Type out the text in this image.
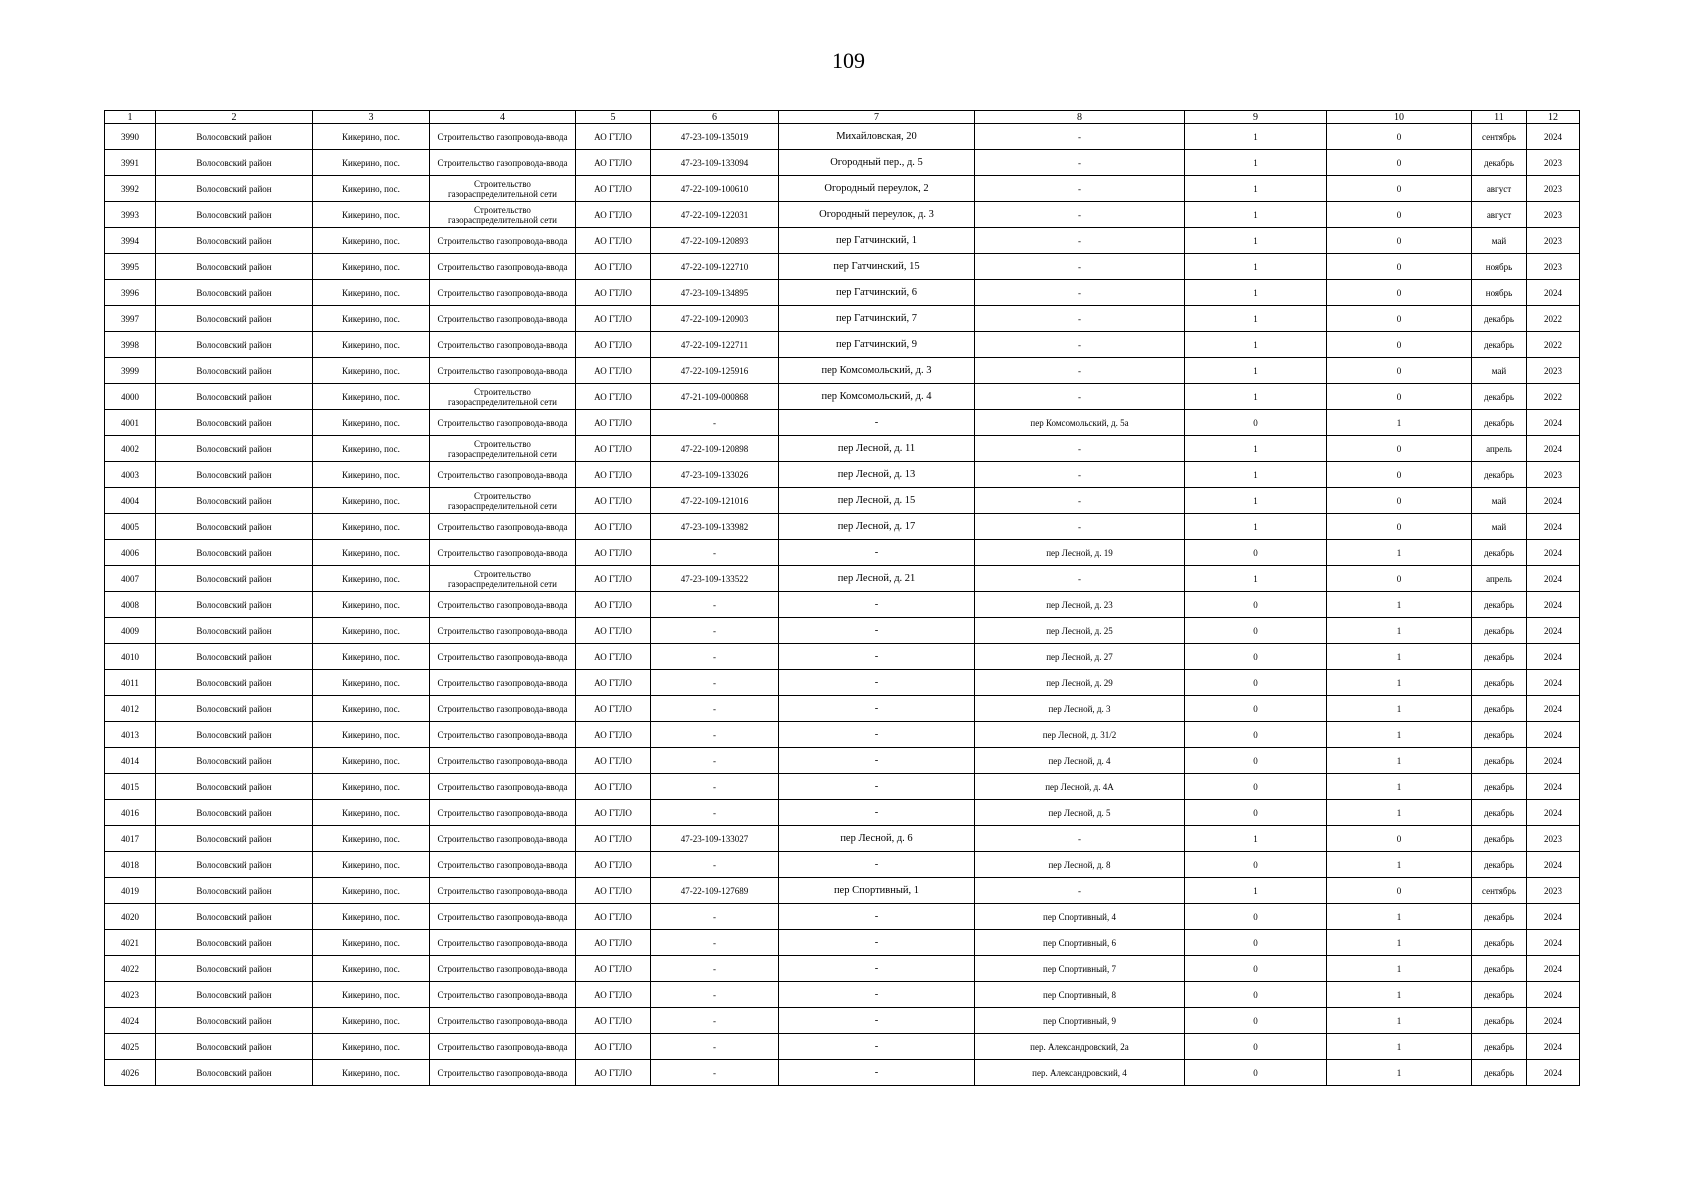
109
1	2	3	4	5	6	7	8	9	10	11	12
3990	Волосовский район	Кикерино, пос.	Строительство газопровода-ввода	АО ГТЛО	47-23-109-135019	Михайловская, 20	-	1	0	сентябрь	2024
3991	Волосовский район	Кикерино, пос.	Строительство газопровода-ввода	АО ГТЛО	47-23-109-133094	Огородный пер., д. 5	-	1	0	декабрь	2023
3992	Волосовский район	Кикерино, пос.	Строительство газораспределительной сети	АО ГТЛО	47-22-109-100610	Огородный переулок, 2	-	1	0	август	2023
3993	Волосовский район	Кикерино, пос.	Строительство газораспределительной сети	АО ГТЛО	47-22-109-122031	Огородный переулок, д. 3	-	1	0	август	2023
3994	Волосовский район	Кикерино, пос.	Строительство газопровода-ввода	АО ГТЛО	47-22-109-120893	пер Гатчинский, 1	-	1	0	май	2023
3995	Волосовский район	Кикерино, пос.	Строительство газопровода-ввода	АО ГТЛО	47-22-109-122710	пер Гатчинский, 15	-	1	0	ноябрь	2023
3996	Волосовский район	Кикерино, пос.	Строительство газопровода-ввода	АО ГТЛО	47-23-109-134895	пер Гатчинский, 6	-	1	0	ноябрь	2024
3997	Волосовский район	Кикерино, пос.	Строительство газопровода-ввода	АО ГТЛО	47-22-109-120903	пер Гатчинский, 7	-	1	0	декабрь	2022
3998	Волосовский район	Кикерино, пос.	Строительство газопровода-ввода	АО ГТЛО	47-22-109-122711	пер Гатчинский, 9	-	1	0	декабрь	2022
3999	Волосовский район	Кикерино, пос.	Строительство газопровода-ввода	АО ГТЛО	47-22-109-125916	пер Комсомольский, д. 3	-	1	0	май	2023
4000	Волосовский район	Кикерино, пос.	Строительство газораспределительной сети	АО ГТЛО	47-21-109-000868	пер Комсомольский, д. 4	-	1	0	декабрь	2022
4001	Волосовский район	Кикерино, пос.	Строительство газопровода-ввода	АО ГТЛО	-	-	пер Комсомольский, д. 5а	0	1	декабрь	2024
4002	Волосовский район	Кикерино, пос.	Строительство газораспределительной сети	АО ГТЛО	47-22-109-120898	пер Лесной, д. 11	-	1	0	апрель	2024
4003	Волосовский район	Кикерино, пос.	Строительство газопровода-ввода	АО ГТЛО	47-23-109-133026	пер Лесной, д. 13	-	1	0	декабрь	2023
4004	Волосовский район	Кикерино, пос.	Строительство газораспределительной сети	АО ГТЛО	47-22-109-121016	пер Лесной, д. 15	-	1	0	май	2024
4005	Волосовский район	Кикерино, пос.	Строительство газопровода-ввода	АО ГТЛО	47-23-109-133982	пер Лесной, д. 17	-	1	0	май	2024
4006	Волосовский район	Кикерино, пос.	Строительство газопровода-ввода	АО ГТЛО	-	-	пер Лесной, д. 19	0	1	декабрь	2024
4007	Волосовский район	Кикерино, пос.	Строительство газораспределительной сети	АО ГТЛО	47-23-109-133522	пер Лесной, д. 21	-	1	0	апрель	2024
4008	Волосовский район	Кикерино, пос.	Строительство газопровода-ввода	АО ГТЛО	-	-	пер Лесной, д. 23	0	1	декабрь	2024
4009	Волосовский район	Кикерино, пос.	Строительство газопровода-ввода	АО ГТЛО	-	-	пер Лесной, д. 25	0	1	декабрь	2024
4010	Волосовский район	Кикерино, пос.	Строительство газопровода-ввода	АО ГТЛО	-	-	пер Лесной, д. 27	0	1	декабрь	2024
4011	Волосовский район	Кикерино, пос.	Строительство газопровода-ввода	АО ГТЛО	-	-	пер Лесной, д. 29	0	1	декабрь	2024
4012	Волосовский район	Кикерино, пос.	Строительство газопровода-ввода	АО ГТЛО	-	-	пер Лесной, д. 3	0	1	декабрь	2024
4013	Волосовский район	Кикерино, пос.	Строительство газопровода-ввода	АО ГТЛО	-	-	пер Лесной, д. 31/2	0	1	декабрь	2024
4014	Волосовский район	Кикерино, пос.	Строительство газопровода-ввода	АО ГТЛО	-	-	пер Лесной, д. 4	0	1	декабрь	2024
4015	Волосовский район	Кикерино, пос.	Строительство газопровода-ввода	АО ГТЛО	-	-	пер Лесной, д. 4А	0	1	декабрь	2024
4016	Волосовский район	Кикерино, пос.	Строительство газопровода-ввода	АО ГТЛО	-	-	пер Лесной, д. 5	0	1	декабрь	2024
4017	Волосовский район	Кикерино, пос.	Строительство газопровода-ввода	АО ГТЛО	47-23-109-133027	пер Лесной, д. 6	-	1	0	декабрь	2023
4018	Волосовский район	Кикерино, пос.	Строительство газопровода-ввода	АО ГТЛО	-	-	пер Лесной, д. 8	0	1	декабрь	2024
4019	Волосовский район	Кикерино, пос.	Строительство газопровода-ввода	АО ГТЛО	47-22-109-127689	пер Спортивный, 1	-	1	0	сентябрь	2023
4020	Волосовский район	Кикерино, пос.	Строительство газопровода-ввода	АО ГТЛО	-	-	пер Спортивный, 4	0	1	декабрь	2024
4021	Волосовский район	Кикерино, пос.	Строительство газопровода-ввода	АО ГТЛО	-	-	пер Спортивный, 6	0	1	декабрь	2024
4022	Волосовский район	Кикерино, пос.	Строительство газопровода-ввода	АО ГТЛО	-	-	пер Спортивный, 7	0	1	декабрь	2024
4023	Волосовский район	Кикерино, пос.	Строительство газопровода-ввода	АО ГТЛО	-	-	пер Спортивный, 8	0	1	декабрь	2024
4024	Волосовский район	Кикерино, пос.	Строительство газопровода-ввода	АО ГТЛО	-	-	пер Спортивный, 9	0	1	декабрь	2024
4025	Волосовский район	Кикерино, пос.	Строительство газопровода-ввода	АО ГТЛО	-	-	пер. Александровский, 2а	0	1	декабрь	2024
4026	Волосовский район	Кикерино, пос.	Строительство газопровода-ввода	АО ГТЛО	-	-	пер. Александровский, 4	0	1	декабрь	2024
